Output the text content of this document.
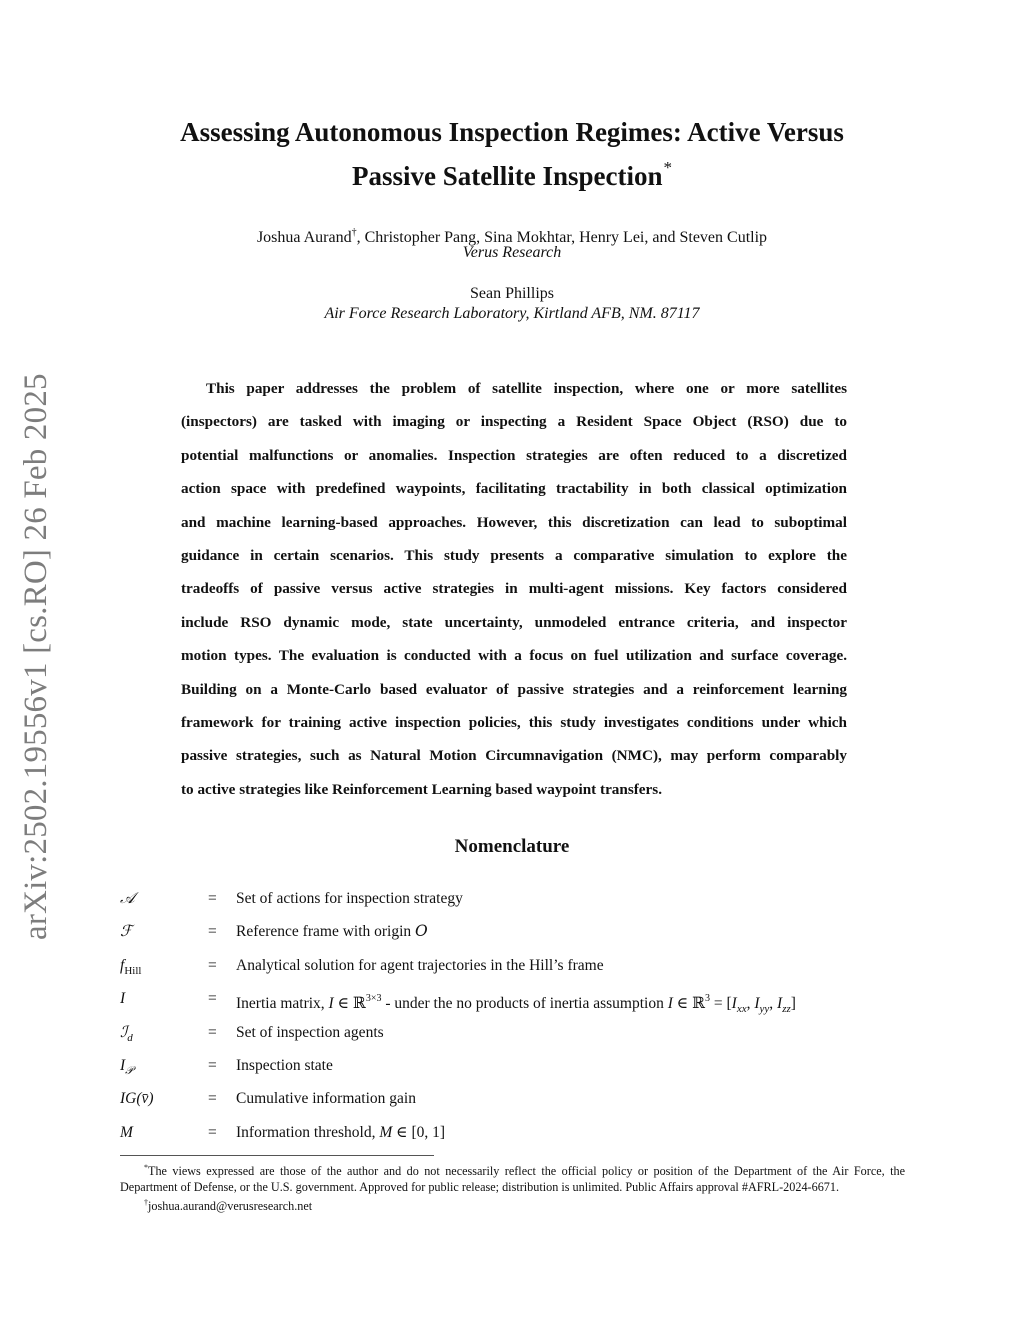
arXiv:2502.19556v1 [cs.RO] 26 Feb 2025
Assessing Autonomous Inspection Regimes: Active Versus
Passive Satellite Inspection*
Joshua Aurand†, Christopher Pang, Sina Mokhtar, Henry Lei, and Steven Cutlip
Verus Research
Sean Phillips
Air Force Research Laboratory, Kirtland AFB, NM. 87117
This paper addresses the problem of satellite inspection, where one or more satellites
(inspectors) are tasked with imaging or inspecting a Resident Space Object (RSO) due to
potential malfunctions or anomalies. Inspection strategies are often reduced to a discretized
action space with predefined waypoints, facilitating tractability in both classical optimization
and machine learning-based approaches. However, this discretization can lead to suboptimal
guidance in certain scenarios. This study presents a comparative simulation to explore the
tradeoffs of passive versus active strategies in multi-agent missions. Key factors considered
include RSO dynamic mode, state uncertainty, unmodeled entrance criteria, and inspector
motion types. The evaluation is conducted with a focus on fuel utilization and surface coverage.
Building on a Monte-Carlo based evaluator of passive strategies and a reinforcement learning
framework for training active inspection policies, this study investigates conditions under which
passive strategies, such as Natural Motion Circumnavigation (NMC), may perform comparably
to active strategies like Reinforcement Learning based waypoint transfers.
Nomenclature
𝒜	= Set of actions for inspection strategy
ℱ	= Reference frame with origin 𝑂
$f_{Hill}$	= Analytical solution for agent trajectories in the Hill’s frame
I	= Inertia matrix, I ∈ ℝ$^{3\times 3}$ - under the no products of inertia assumption I ∈ ℝ$^3$ = [$I_{xx}$, $I_{yy}$, $I_{zz}$]
ℐ$_d$	= Set of inspection agents
$I_𝒫$	= Inspection state
IG(v̄)	= Cumulative information gain
M	= Information threshold, M ∈ [0, 1]

*The views expressed are those of the author and do not necessarily reflect the official policy or position of the Department of the Air Force, the Department of Defense, or the U.S. government. Approved for public release; distribution is unlimited. Public Affairs approval #AFRL-2024-6671.

†joshua.aurand@verusresearch.net
